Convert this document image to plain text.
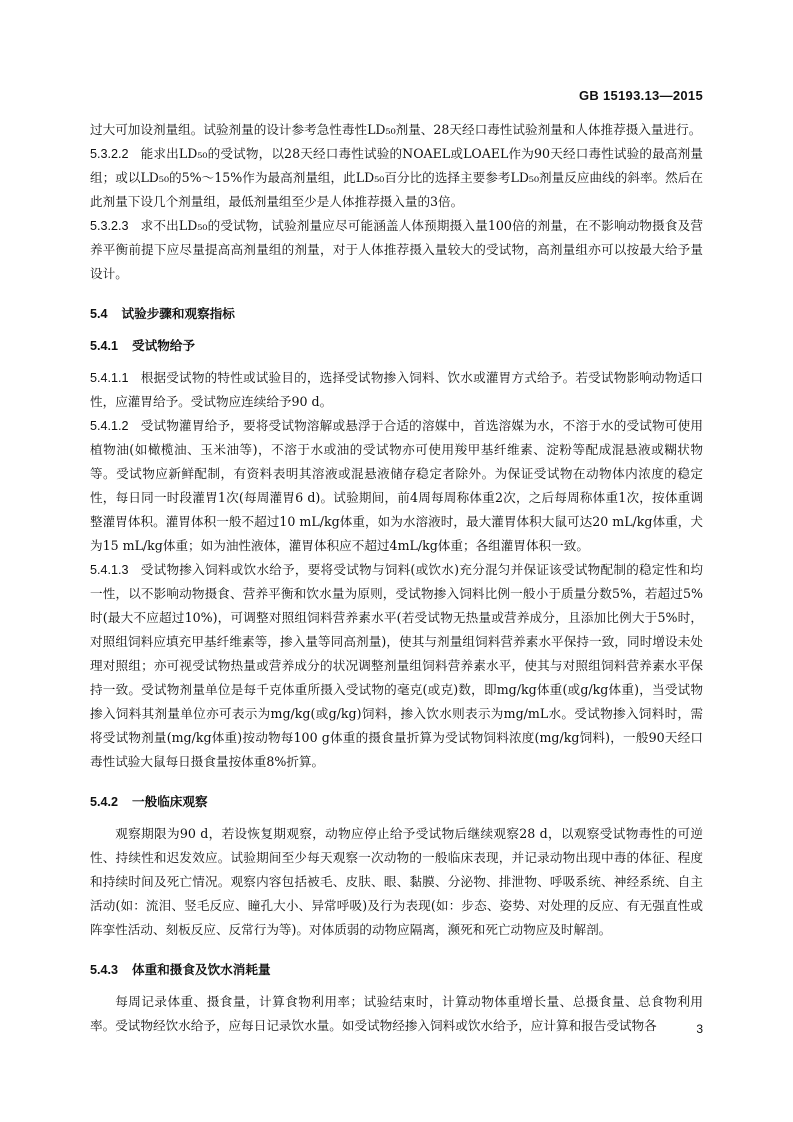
GB 15193.13—2015

过大可加设剂量组。试验剂量的设计参考急性毒性LD₅₀剂量、28天经口毒性试验剂量和人体推荐摄入量进行。

5.3.2.2 能求出LD₅₀的受试物，以28天经口毒性试验的NOAEL或LOAEL作为90天经口毒性试验的最高剂量组；或以LD₅₀的5%～15%作为最高剂量组，此LD₅₀百分比的选择主要参考LD₅₀剂量反应曲线的斜率。然后在此剂量下设几个剂量组，最低剂量组至少是人体推荐摄入量的3倍。

5.3.2.3 求不出LD₅₀的受试物，试验剂量应尽可能涵盖人体预期摄入量100倍的剂量，在不影响动物摄食及营养平衡前提下应尽量提高高剂量组的剂量，对于人体推荐摄入量较大的受试物，高剂量组亦可以按最大给予量设计。

5.4 试验步骤和观察指标

5.4.1 受试物给予

5.4.1.1 根据受试物的特性或试验目的，选择受试物掺入饲料、饮水或灌胃方式给予。若受试物影响动物适口性，应灌胃给予。受试物应连续给予90 d。

5.4.1.2 受试物灌胃给予，要将受试物溶解或悬浮于合适的溶媒中，首选溶媒为水，不溶于水的受试物可使用植物油(如橄榄油、玉米油等)，不溶于水或油的受试物亦可使用羧甲基纤维素、淀粉等配成混悬液或糊状物等。受试物应新鲜配制，有资料表明其溶液或混悬液储存稳定者除外。为保证受试物在动物体内浓度的稳定性，每日同一时段灌胃1次(每周灌胃6 d)。试验期间，前4周每周称体重2次，之后每周称体重1次，按体重调整灌胃体积。灌胃体积一般不超过10 mL/kg体重，如为水溶液时，最大灌胃体积大鼠可达20 mL/kg体重，犬为15 mL/kg体重；如为油性液体，灌胃体积应不超过4mL/kg体重；各组灌胃体积一致。

5.4.1.3 受试物掺入饲料或饮水给予，要将受试物与饲料(或饮水)充分混匀并保证该受试物配制的稳定性和均一性，以不影响动物摄食、营养平衡和饮水量为原则，受试物掺入饲料比例一般小于质量分数5%，若超过5%时(最大不应超过10%)，可调整对照组饲料营养素水平(若受试物无热量或营养成分，且添加比例大于5%时，对照组饲料应填充甲基纤维素等，掺入量等同高剂量)，使其与剂量组饲料营养素水平保持一致，同时增设未处理对照组；亦可视受试物热量或营养成分的状况调整剂量组饲料营养素水平，使其与对照组饲料营养素水平保持一致。受试物剂量单位是每千克体重所摄入受试物的毫克(或克)数，即mg/kg体重(或g/kg体重)，当受试物掺入饲料其剂量单位亦可表示为mg/kg(或g/kg)饲料，掺入饮水则表示为mg/mL水。受试物掺入饲料时，需将受试物剂量(mg/kg体重)按动物每100 g体重的摄食量折算为受试物饲料浓度(mg/kg饲料)，一般90天经口毒性试验大鼠每日摄食量按体重8%折算。

5.4.2 一般临床观察

观察期限为90 d，若设恢复期观察，动物应停止给予受试物后继续观察28 d，以观察受试物毒性的可逆性、持续性和迟发效应。试验期间至少每天观察一次动物的一般临床表现，并记录动物出现中毒的体征、程度和持续时间及死亡情况。观察内容包括被毛、皮肤、眼、黏膜、分泌物、排泄物、呼吸系统、神经系统、自主活动(如：流泪、竖毛反应、瞳孔大小、异常呼吸)及行为表现(如：步态、姿势、对处理的反应、有无强直性或阵挛性活动、刻板反应、反常行为等)。对体质弱的动物应隔离，濒死和死亡动物应及时解剖。

5.4.3 体重和摄食及饮水消耗量

每周记录体重、摄食量，计算食物利用率；试验结束时，计算动物体重增长量、总摄食量、总食物利用率。受试物经饮水给予，应每日记录饮水量。如受试物经掺入饲料或饮水给予，应计算和报告受试物各	3
